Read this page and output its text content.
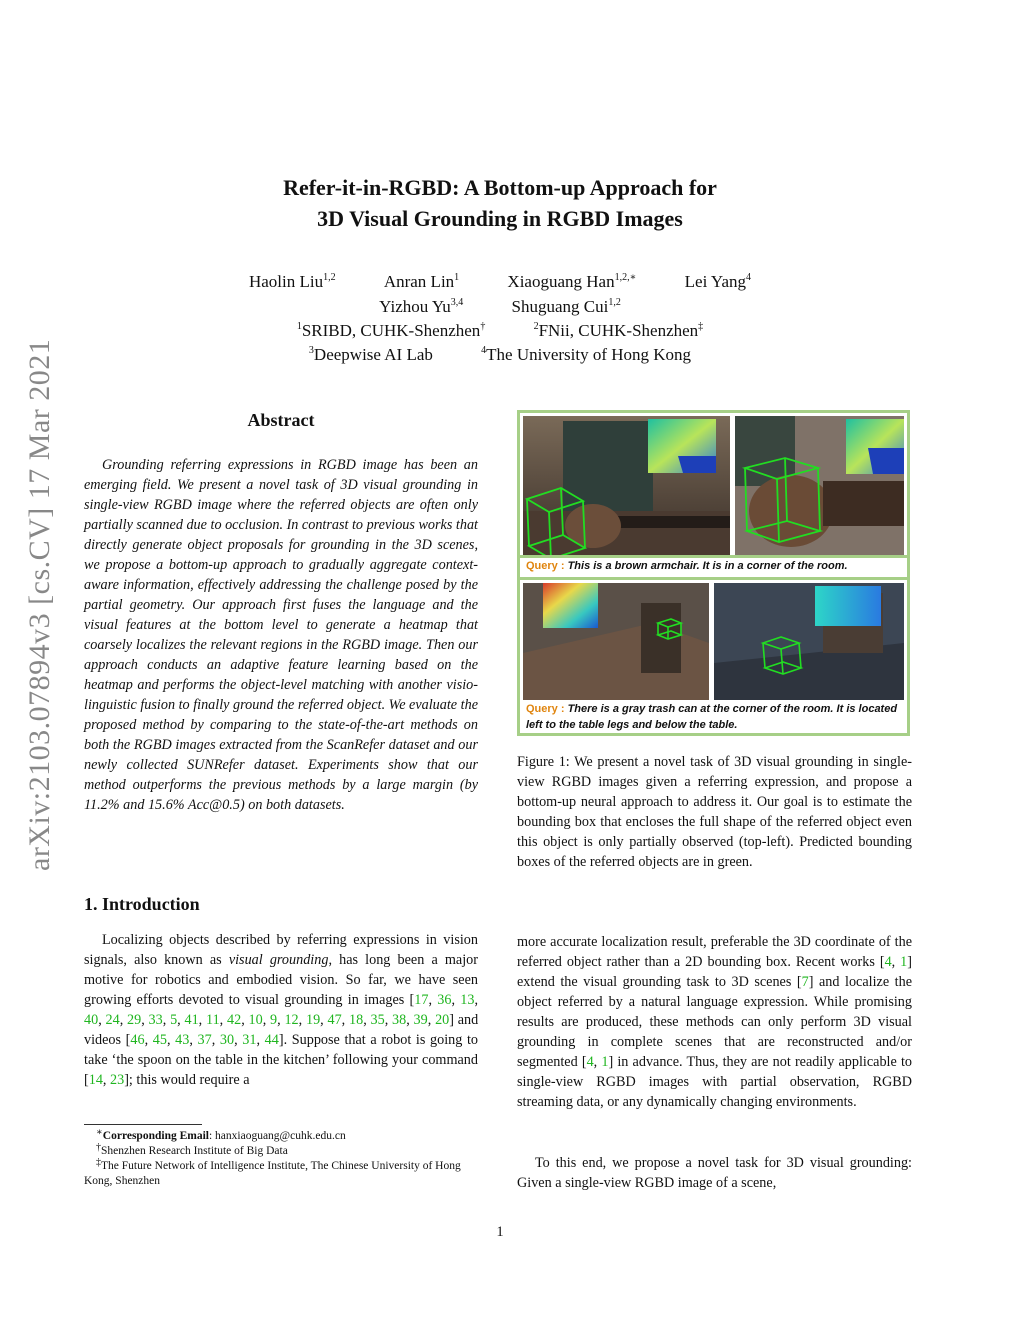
Refer-it-in-RGBD: A Bottom-up Approach for
3D Visual Grounding in RGBD Images
Haolin Liu$^{1,2}$	Anran Lin$^1$	Xiaoguang Han$^{1,2,∗}$	Lei Yang$^4$
Yizhou Yu$^{3,4}$	Shuguang Cui$^{1,2}$
$^1$SRIBD, CUHK-Shenzhen†	$^2$FNii, CUHK-Shenzhen‡
$^3$Deepwise AI Lab	$^4$The University of Hong Kong
arXiv:2103.07894v3 [cs.CV] 17 Mar 2021	Abstract

Grounding referring expressions in RGBD image has been an emerging field. We present a novel task of 3D visual grounding in single-view RGBD image where the referred objects are often only partially scanned due to occlusion. In contrast to previous works that directly generate object proposals for grounding in the 3D scenes, we propose a bottom-up approach to gradually aggregate context-aware information, effectively addressing the challenge posed by the partial geometry. Our approach first fuses the language and the visual features at the bottom level to generate a heatmap that coarsely localizes the relevant regions in the RGBD image. Then our approach conducts an adaptive feature learning based on the heatmap and performs the object-level matching with another visio-linguistic fusion to finally ground the referred object. We evaluate the proposed method by comparing to the state-of-the-art methods on both the RGBD images extracted from the ScanRefer dataset and our newly collected SUNRefer dataset. Experiments show that our method outperforms the previous methods by a large margin (by 11.2% and 15.6% Acc@0.5) on both datasets.

1. Introduction

Localizing objects described by referring expressions in vision signals, also known as visual grounding, has long been a major motive for robotics and embodied vision. So far, we have seen growing efforts devoted to visual grounding in images [17, 36, 13, 40, 24, 29, 33, 5, 41, 11, 42, 10, 9, 12, 19, 47, 18, 35, 38, 39, 20] and videos [46, 45, 43, 37, 30, 31, 44]. Suppose that a robot is going to take ‘the spoon on the table in the kitchen’ following your command [14, 23]; this would require a

∗Corresponding Email: hanxiaoguang@cuhk.edu.cn
†Shenzhen Research Institute of Big Data
‡The Future Network of Intelligence Institute, The Chinese University of Hong Kong, Shenzhen
Query : This is a brown armchair. It is in a corner of the room.
Query : There is a gray trash can at the corner of the room. It is located left to the table legs and below the table.
Figure 1: We present a novel task of 3D visual grounding in single-view RGBD images given a referring expression, and propose a bottom-up neural approach to address it. Our goal is to estimate the bounding box that encloses the full shape of the referred object even this object is only partially observed (top-left). Predicted bounding boxes of the referred objects are in green.

more accurate localization result, preferable the 3D coordinate of the referred object rather than a 2D bounding box. Recent works [4, 1] extend the visual grounding task to 3D scenes [7] and localize the object referred by a natural language expression. While promising results are produced, these methods can only perform 3D visual grounding in complete scenes that are reconstructed and/or segmented [4, 1] in advance. Thus, they are not readily applicable to single-view RGBD images with partial observation, RGBD streaming data, or any dynamically changing environments.

To this end, we propose a novel task for 3D visual grounding: Given a single-view RGBD image of a scene,

1
